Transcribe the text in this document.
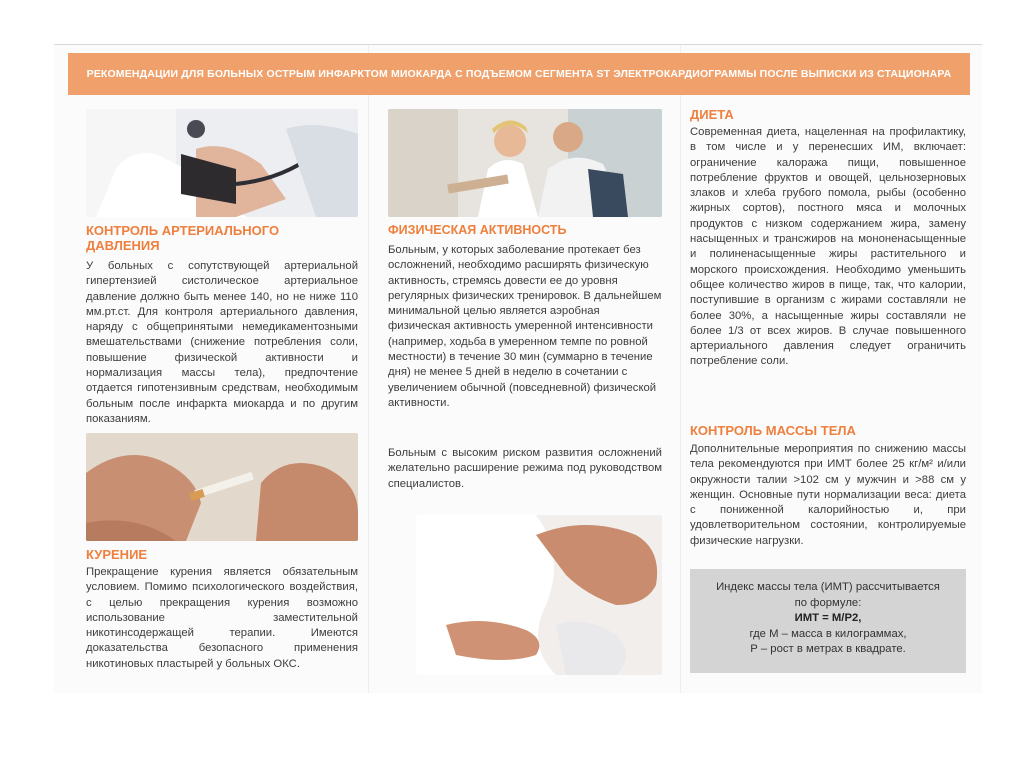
РЕКОМЕНДАЦИИ ДЛЯ БОЛЬНЫХ ОСТРЫМ ИНФАРКТОМ МИОКАРДА С ПОДЪЕМОМ СЕГМЕНТА ST ЭЛЕКТРОКАРДИОГРАММЫ ПОСЛЕ ВЫПИСКИ ИЗ СТАЦИОНАРА
КОНТРОЛЬ АРТЕРИАЛЬНОГО
ДАВЛЕНИЯ

У больных с сопутствующей артериальной гипертензией систолическое артериальное давление должно быть менее 140, но не ниже 110 мм.рт.ст. Для контроля артериального давления, наряду с общепринятыми немедикаментозными вмешательствами (снижение потребления соли, повышение физической активности и нормализация массы тела), предпочтение отдается гипотензивным средствам, необходимым больным после инфаркта миокарда и по другим показаниям.

КУРЕНИЕ

Прекращение курения является обязательным условием. Помимо психологического воздействия, с целью прекращения курения возможно использование заместительной никотинсодержащей терапии. Имеются доказательства безопасного применения никотиновых пластырей у больных ОКС.

ФИЗИЧЕСКАЯ АКТИВНОСТЬ

Больным, у которых заболевание протекает без осложнений, необходимо расширять физическую активность, стремясь довести ее до уровня регулярных физических тренировок. В дальнейшем минимальной целью является аэробная физическая активность умеренной интенсивности (например, ходьба в умеренном темпе по ровной местности) в течение 30 мин (суммарно в течение дня) не менее 5 дней в неделю в сочетании с увеличением обычной (повседневной) физической активности.

Больным с высоким риском развития осложнений желательно расширение режима под руководством специалистов.

ДИЕТА

Современная диета, нацеленная на профилактику, в том числе и у перенесших ИМ, включает: ограничение калоража пищи, повышенное потребление фруктов и овощей, цельнозерновых злаков и хлеба грубого помола, рыбы (особенно жирных сортов), постного мяса и молочных продуктов с низком содержанием жира, замену насыщенных и трансжиров на мононенасыщенные и полиненасыщенные жиры растительного и морского происхождения. Необходимо уменьшить общее количество жиров в пище, так, что калории, поступившие в организм с жирами составляли не более 30%, а насыщенные жиры составляли не более 1/3 от всех жиров. В случае повышенного артериального давления следует ограничить потребление соли.

КОНТРОЛЬ МАССЫ ТЕЛА

Дополнительные мероприятия по снижению массы тела рекомендуются при ИМТ более 25 кг/м² и/или окружности талии >102 см у мужчин и >88 см у женщин. Основные пути нормализации веса: диета с пониженной калорийностью и, при удовлетворительном состоянии, контролируемые физические нагрузки.

Индекс массы тела (ИМТ) рассчитывается
по формуле:
ИМТ = М/Р2,
где М – масса в килограммах,
Р – рост в метрах в квадрате.
